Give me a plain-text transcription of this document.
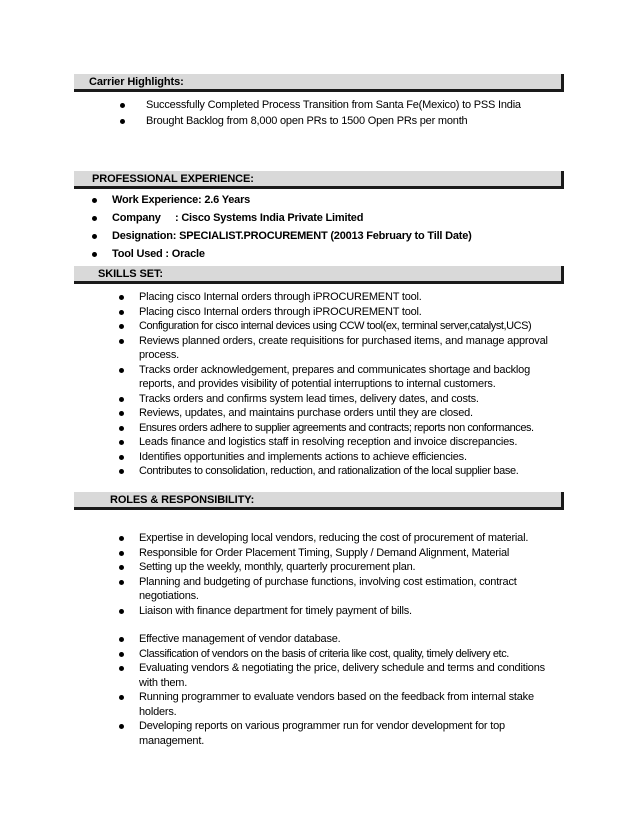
Carrier Highlights:
Successfully Completed Process Transition from Santa Fe(Mexico) to PSS India
Brought Backlog from 8,000 open PRs to 1500 Open PRs per month
PROFESSIONAL EXPERIENCE:
Work Experience: 2.6 Years
Company     : Cisco Systems India Private Limited
Designation: SPECIALIST.PROCUREMENT (20013 February to Till Date)
Tool Used : Oracle
SKILLS SET:
Placing cisco Internal orders through iPROCUREMENT tool.
Placing cisco Internal orders through iPROCUREMENT tool.
Configuration for cisco internal devices using CCW tool(ex, terminal server,catalyst,UCS)
Reviews planned orders, create requisitions for purchased items, and manage approval process.
Tracks order acknowledgement, prepares and communicates shortage and backlog reports, and provides visibility of potential interruptions to internal customers.
Tracks orders and confirms system lead times, delivery dates, and costs.
Reviews, updates, and maintains purchase orders until they are closed.
Ensures orders adhere to supplier agreements and contracts; reports non conformances.
Leads finance and logistics staff in resolving reception and invoice discrepancies.
Identifies opportunities and implements actions to achieve efficiencies.
Contributes to consolidation, reduction, and rationalization of the local supplier base.
ROLES & RESPONSIBILITY:
Expertise in developing local vendors, reducing the cost of procurement of material.
Responsible for Order Placement Timing, Supply / Demand Alignment, Material
Setting up the weekly, monthly, quarterly procurement plan.
Planning and budgeting of purchase functions, involving cost estimation, contract negotiations.
Liaison with finance department for timely payment of bills.
Effective management of vendor database.
Classification of vendors on the basis of criteria like cost, quality, timely delivery etc.
Evaluating vendors & negotiating the price, delivery schedule and terms and conditions with them.
Running programmer to evaluate vendors based on the feedback from internal stake holders.
Developing reports on various programmer run for vendor development for top management.
